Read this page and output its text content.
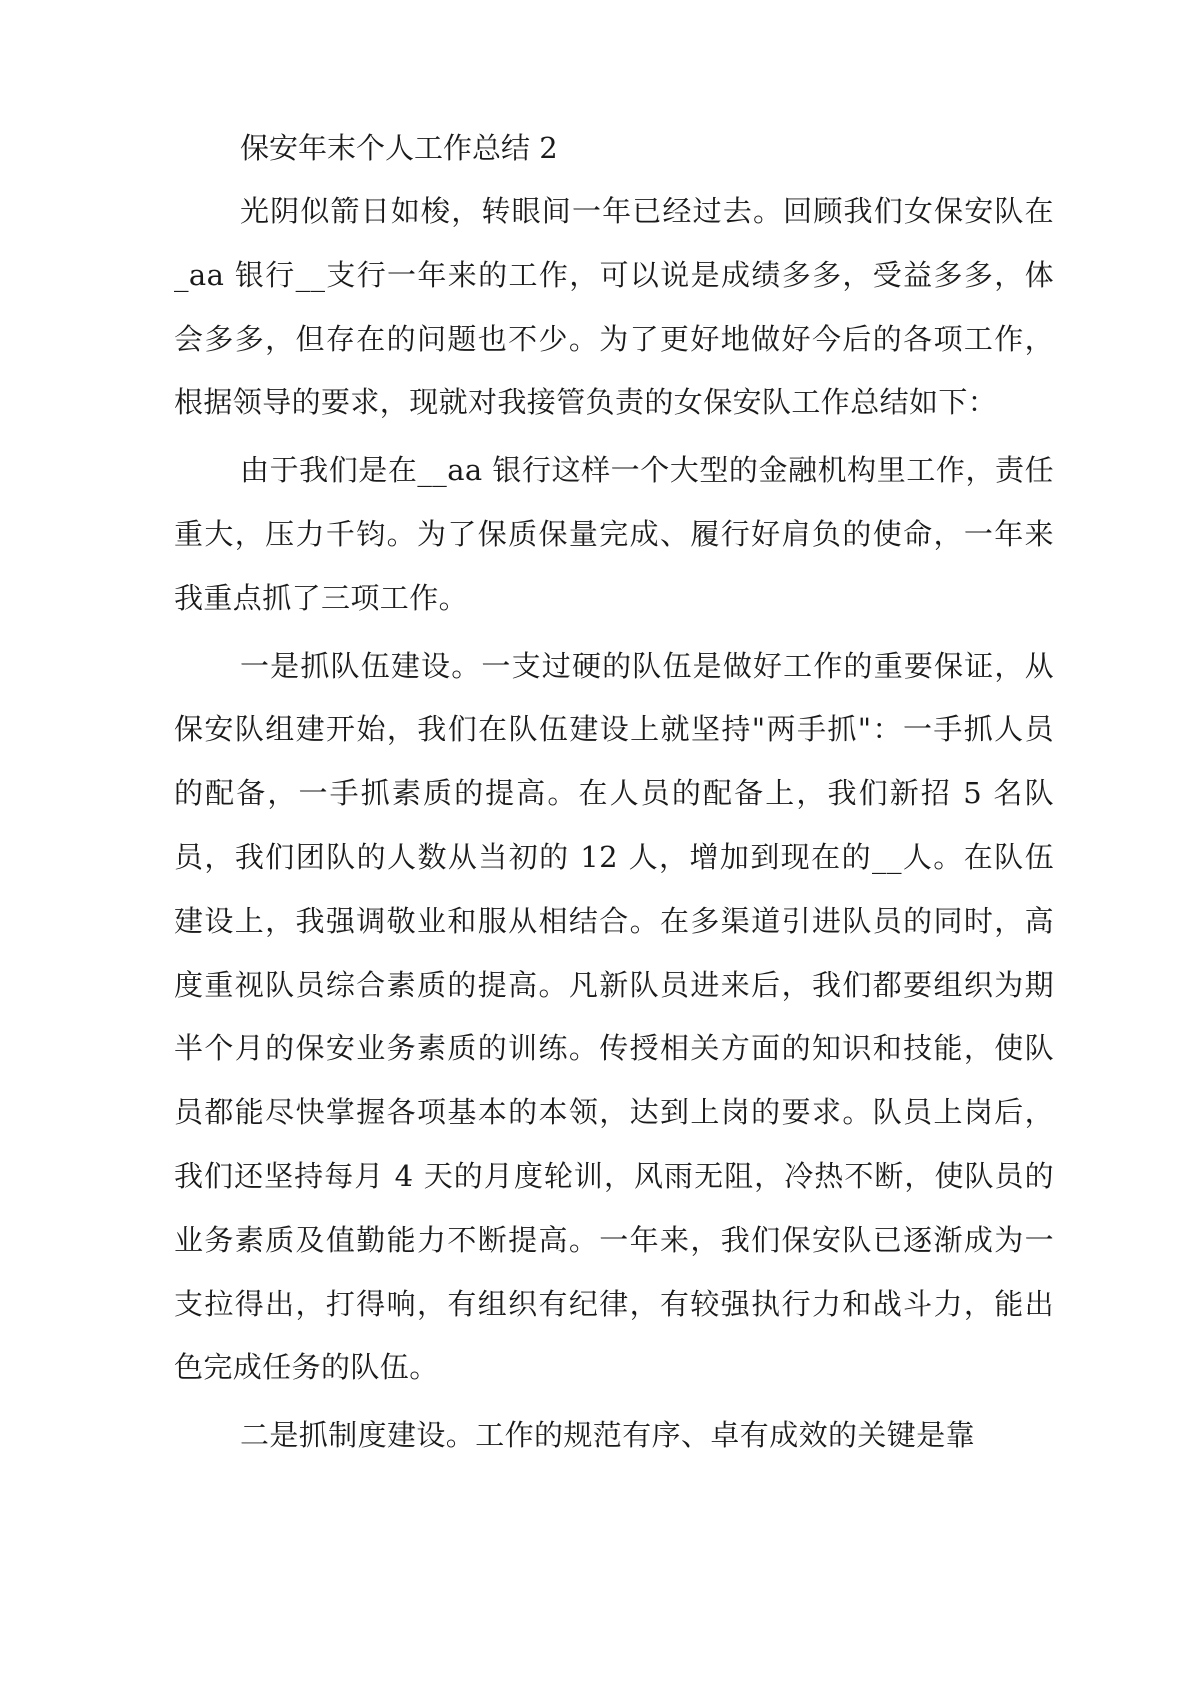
保安年末个人工作总结 2

光阴似箭日如梭，转眼间一年已经过去。回顾我们女保安队在_aa 银行__支行一年来的工作，可以说是成绩多多，受益多多，体会多多，但存在的问题也不少。为了更好地做好今后的各项工作，根据领导的要求，现就对我接管负责的女保安队工作总结如下：

由于我们是在__aa 银行这样一个大型的金融机构里工作，责任重大，压力千钧。为了保质保量完成、履行好肩负的使命，一年来我重点抓了三项工作。

一是抓队伍建设。一支过硬的队伍是做好工作的重要保证，从保安队组建开始，我们在队伍建设上就坚持"两手抓"：一手抓人员的配备，一手抓素质的提高。在人员的配备上，我们新招 5 名队员，我们团队的人数从当初的 12 人，增加到现在的__人。在队伍建设上，我强调敬业和服从相结合。在多渠道引进队员的同时，高度重视队员综合素质的提高。凡新队员进来后，我们都要组织为期半个月的保安业务素质的训练。传授相关方面的知识和技能，使队员都能尽快掌握各项基本的本领，达到上岗的要求。队员上岗后，我们还坚持每月 4 天的月度轮训，风雨无阻，冷热不断，使队员的业务素质及值勤能力不断提高。一年来，我们保安队已逐渐成为一支拉得出，打得响，有组织有纪律，有较强执行力和战斗力，能出色完成任务的队伍。

二是抓制度建设。工作的规范有序、卓有成效的关键是靠
